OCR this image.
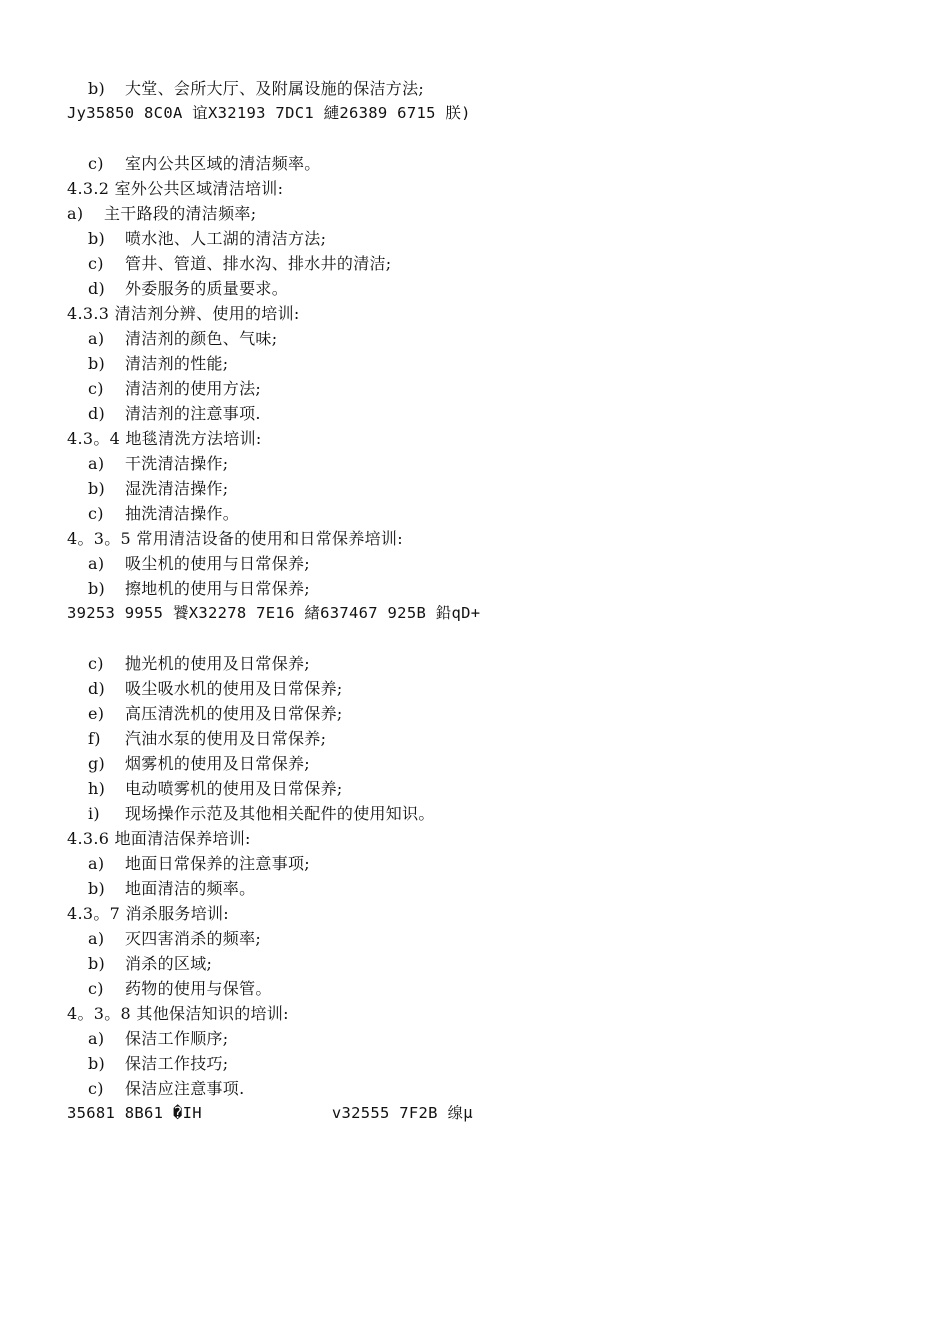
b) 大堂、会所大厅、及附属设施的保洁方法;
Jy35850 8C0A 谊X32193 7DC1 縺26389 6715 朕)
c) 室内公共区域的清洁频率。
4.3.2 室外公共区域清洁培训:
a) 主干路段的清洁频率;
b) 喷水池、人工湖的清洁方法;
c) 管井、管道、排水沟、排水井的清洁;
d) 外委服务的质量要求。
4.3.3 清洁剂分辨、使用的培训:
a) 清洁剂的颜色、气味;
b) 清洁剂的性能;
c) 清洁剂的使用方法;
d) 清洁剂的注意事项.
4.3。4 地毯清洗方法培训:
a) 干洗清洁操作;
b) 湿洗清洁操作;
c) 抽洗清洁操作。
4。3。5 常用清洁设备的使用和日常保养培训:
a) 吸尘机的使用与日常保养;
b) 擦地机的使用与日常保养;
39253 9955 饕X32278 7E16 緖637467 925B 鉛qD+
c) 抛光机的使用及日常保养;
d) 吸尘吸水机的使用及日常保养;
e) 高压清洗机的使用及日常保养;
f) 汽油水泵的使用及日常保养;
g) 烟雾机的使用及日常保养;
h) 电动喷雾机的使用及日常保养;
i) 现场操作示范及其他相关配件的使用知识。
4.3.6 地面清洁保养培训:
a) 地面日常保养的注意事项;
b) 地面清洁的频率。
4.3。7 消杀服务培训:
a) 灭四害消杀的频率;
b) 消杀的区域;
c) 药物的使用与保管。
4。3。8 其他保洁知识的培训:
a) 保洁工作顺序;
b) 保洁工作技巧;
c) 保洁应注意事项.
35681 8B61 �IH	v32555 7F2B 缐μ
